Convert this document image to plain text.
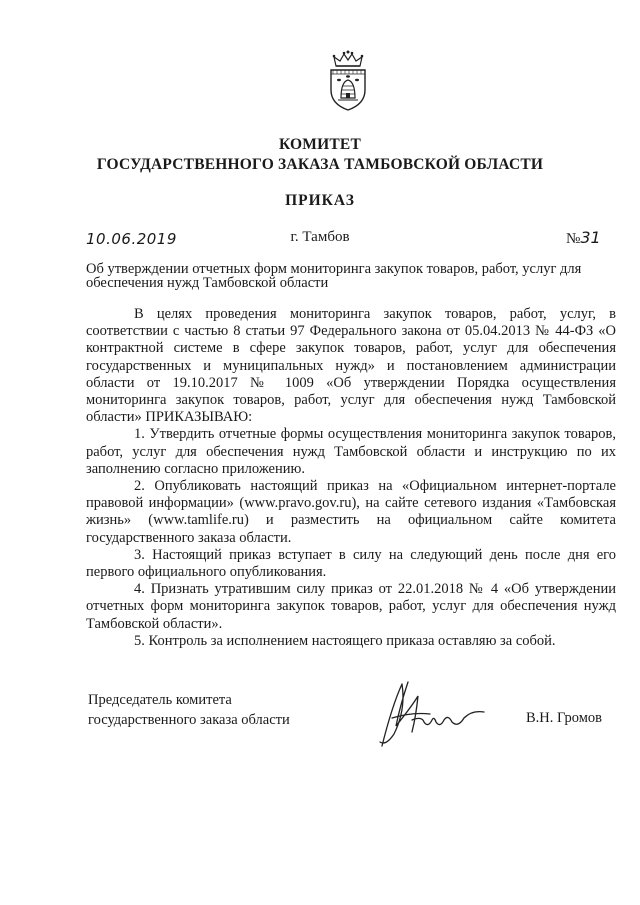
КОМИТЕТ
ГОСУДАРСТВЕННОГО ЗАКАЗА ТАМБОВСКОЙ ОБЛАСТИ
ПРИКАЗ
10.06.2019	г. Тамбов	№31
Об утверждении отчетных форм мониторинга закупок товаров, работ, услуг для обеспечения нужд Тамбовской области

В целях проведения мониторинга закупок товаров, работ, услуг, в соответствии с частью 8 статьи 97 Федерального закона от 05.04.2013 № 44-ФЗ «О контрактной системе в сфере закупок товаров, работ, услуг для обеспечения государственных и муниципальных нужд» и постановлением администрации области от 19.10.2017 № 1009 «Об утверждении Порядка осуществления мониторинга закупок товаров, работ, услуг для обеспечения нужд Тамбовской области» ПРИКАЗЫВАЮ:

1. Утвердить отчетные формы осуществления мониторинга закупок товаров, работ, услуг для обеспечения нужд Тамбовской области и инструкцию по их заполнению согласно приложению.

2. Опубликовать настоящий приказ на «Официальном интернет-портале правовой информации» (www.pravo.gov.ru), на сайте сетевого издания «Тамбовская жизнь» (www.tamlife.ru) и разместить на официальном сайте комитета государственного заказа области.

3. Настоящий приказ вступает в силу на следующий день после дня его первого официального опубликования.

4. Признать утратившим силу приказ от 22.01.2018 № 4 «Об утверждении отчетных форм мониторинга закупок товаров, работ, услуг для обеспечения нужд Тамбовской области».

5. Контроль за исполнением настоящего приказа оставляю за собой.

Председатель комитета
государственного заказа области	В.Н. Громов
